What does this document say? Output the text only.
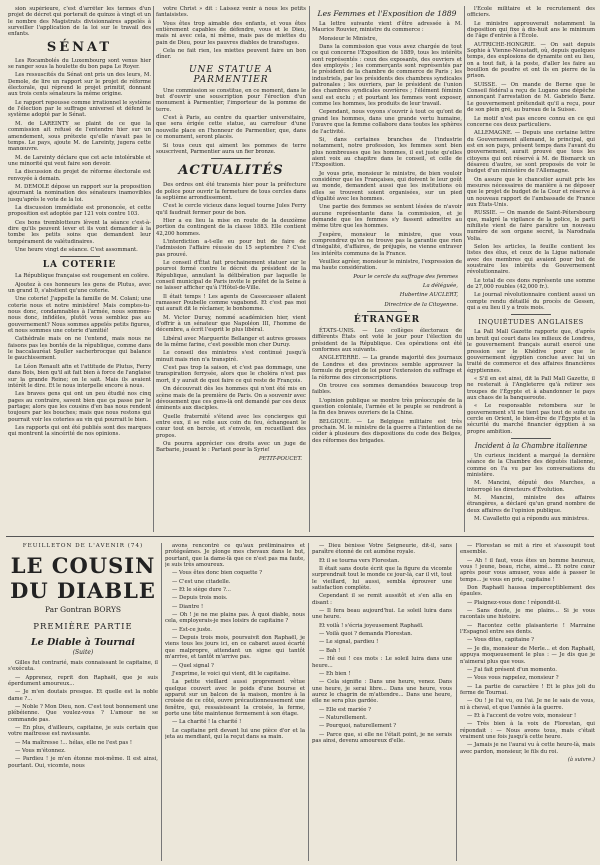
sion supérieure, c'est d'arrêter les termes d'un projet de décret qui porterait de quinze à vingt et un le nombre des Magistrats divisionnaires appelés à surveiller l'application de la loi sur le travail des enfants.

SÉNAT

Les Rocambolés du Luxembourg sont venus hier se ranger sous la houlette du bon papa Le Royer.

Les ressuscités du Sénat ont pris un des leurs, M. Demole, de lire un rapport sur le projet de réforme électorale, qui réprend le projet primitif, donnant aux trois cents sénateurs la même origine.

Le rapport repousse comme irrationnel le système de l'élection par le suffrage universel et défend le système adopté par le Sénat.

M. de LAREINTY se plaint de ce que la commission ait refusé de l'entendre hier sur un amendement, sous prétexte qu'elle n'avait pas le temps. Le pays, ajoute M. de Lareinty, jugera cette manœuvre.

M. de Lareinty déclare que cet acte intolérable et une minorité qui veut faire son devoir.

La discussion du projet de réforme électorale est renvoyée à demain.

M. DEMOLE dépose un rapport sur la proposition ajournant la nomination des sénateurs inamovibles jusqu'après le vote de la loi.

La discussion immédiate est prononcée, et cette proposition est adoptée par 121 voix contre 103.

Ces bons tremblotteurs lèvent la séance c'est-à-dire qu'ils peuvent lever et ils vont demander à la tombe les petits soins que demandent leur tempérament de valétudinaires.

Une heure vingt de séance. C'est assommant.

LA COTERIE

La République française est rougement en colère.

Ajoutez à ces honneurs les gens de Plutus, avec un grand D, s'abstient qu'une coterie.

Une coterie! J'appelle la famille de M. Colani; une coterie nous et notre ministère! Mais comptes-tu-nous donc, condamnables à l'armée, nous sommes-nous donc, infidèles, plutôt vous semblez pas au gouvernement? Nous sommes appelés petits figures, et nous sommes une coterie d'amitié!

Cathédrale mais on ne l'entend, mais nous ne faisons pas les bontés de la république, comme dans le baccalauréat Spuller sacherbrocque qui balance le gauchissement.

Le Léon Renault afin et l'attitude de Plutus, Ferry dans Bois, bien qu'il ait fait bien à force de l'anglaise sur la grande Reine; on le sait. Mais ils avaient intérêt le dire. Et le nous interpelle encore à nous.

Les braves gens qui ont un peu étudié nos cinq pages au contraire, savent bien que ça passe par le partage; alors que les cousins d'en bas nous rendent toujours par les bouches; mais que nous restons qui pourrait voir les coteries au vin qui pourrait le bien.

Les rapports qui ont été publiés sont des marques qui montrent la sincérité de nos opinions.

votre Christ » dit : Laissez venir à nous les petits fantaisistes.

Vous êtes trop aimable des enfants, et vous êtes entièrement capables de défendre, vous et le Dieu, mais ni avec cela, ni même, mais pas de miettes du pain de Dieu, pour les pauvres diables de transfuges.

Cela ne fait rien, les miettes peuvent faire un bon dîner.

UNE STATUE A PARMENTIER

Une commission se constitue, en ce moment, dans le but d'ouvrir une souscription pour l'érection d'un monument à Parmentier, l'importeur de la pomme de terre.

C'est à Paris, au centre du quartier universitaire, que sera érigée cette statue, au carrefour d'une nouvelle place en l'honneur de Parmentier, que, dans ce monument, seront placés.

Si tous ceux qui aiment les pommes de terre souscrivent, Parmentier aura un fier bronze.

ACTUALITÉS

Des ordres ont été transmis hier pour la préfecture de police pour ouvrir la fermeture de tous cercles dans la septième arrondissement.

C'est le cercle vicieux dans lequel tourne Jules Ferry qu'il faudrait fermer pour de bon.

Hier a eu lieu la mise en route de la deuxième portion du contingent de la classe 1883. Elle contient 42,200 hommes.

L'interdiction a-t-elle eu pour but de faire de l'admission l'affaire réussie du 15 septembre ? C'est pas prouvé.

Le conseil d'État fait prochainement statuer sur le pourvoi formé contre le décret du président de la République, annulant la délibération par laquelle le conseil municipal de Paris invite le préfet de la Seine à ne laisser afficher qu'à l'Hôtel-de-Ville.

Il était temps ! Les agents de Cassecasser allaient ramasser Poubelle comme vagabond. Et c'est pas moi qui aurait dit le réclamer, le bonhomme.

M. Victor Duruy, nommé académicien hier, vient d'offrir à un sénateur que Napoléon III, l'homme de décembre, a écrit l'esprit le plus libéral.

Libéral avec Marguerite Bellanger et autres grosses de la même farine, c'est possible mon cher Duruy.

Le conseil des ministres s'est continué jusqu'à minuit mais rien n'a transpiré.

C'est pas trop la saison, et c'est pas dommage, une transpiration ferrysée, alors que le choléra n'est pas mort, il y aurait de quoi faire ce qui reste de François.

On découvrait dès les hommes qui n'ont été mis en scène mais de la première de Paris. On a souvenir avec dévouement que ces gens-là ont demandé par ces deux éminents aux disciples.

Quelle fraternité s'étend avec les concierges qui entre eux, il se relie aux coin du feu, échangeant le cœur tout en bercée, et s'envole, en recueillant des propos.

Ou pourra apprécier ces droits avec un juge de Barbarie, jouant le : Partant pour la Syrie!

PETIT-POUCET.
Les Femmes et l'Exposition de 1889

La lettre suivante vient d'être adressée à M. Maurice Rouvier, ministre du commerce :

Monsieur le Ministre,

Dans la commission que vous avez chargée de tout ce qui concerne l'Exposition de 1889, tous les intérêts sont représentés : ceux des exposants, des ouvriers et des employés ; les commerçants sont représentés par le président de la chambre de commerce de Paris ; les industriels, par les présidents des chambres syndicales patronales ; les ouvriers, par le président de l'union des chambres syndicales ouvrières ; l'élément féminin seul est exclu ; et pourtant les femmes vont exposer, comme les hommes, les produits de leur travail.

Cependant, nous voyons s'ouvrir à tout ce qu'ont de grand les hommes, dans une grande vertu humaine, l'œuvre que la femme collabore dans toutes les sphères de l'activité.

Si, dans certaines branches de l'industrie notamment, notre profession, les femmes sont bien plus nombreuses que les hommes, il est juste qu'elles aient voix au chapitre dans le conseil, et celle de l'Exposition.

Je vous prie, monsieur le ministre, de bien vouloir considérer que les Françaises, qui doivent le leur goût au monde, demandent aussi que les institutions où elles se trouvent soient organisées, sur un pied d'égalité avec les hommes.

Une partie des femmes se sentent lésées de n'avoir aucune représentante dans la commission, et je demande que les femmes s'y fassent admettre au même titre que les hommes.

J'espère, monsieur le ministre, que vous comprendrez qu'on ne trouve pas la garantie que rien d'inégalité, d'affaires, de préjugés, ne vienne entraver les intérêts communs de la France.

Veuillez agréer, monsieur le ministre, l'expression de ma haute considération.

Pour le cercle du suffrage des femmes

La déléguée,

Hubertine AUCLERT,

Directrice de la Citoyenne.

ÉTRANGER

ÉTATS-UNIS. — Les collèges électoraux de différents États ont voté le jour pour l'élection du président de la République. Ces opérations ont été conformes aux suivants.

ANGLETERRE. — La grande majorité des journaux de Londres et des provinces semble approuver la formule du projet de loi pour l'extension du suffrage et la réforme des circonscriptions.

On trouve ces sommes demandées beaucoup trop faibles.

L'opinion publique se montre très préoccupée de la question coloniale, l'armée et le peuple se rendront à la fin des braves ouvriers de la Chine.

BELGIQUE. — Le Belgique militaire est très prochain. M. le ministre de la guerre a l'intention de ne céder à plusieurs des dispositions du code des Belges, des réformes des brigades.

l'École militaire et le recrutement des officiers.

Le ministre approuverait notamment la disposition qui fixe à dix-huit ans le minimum de l'âge d'entrée à l'École.

AUTRICHE-HONGRIE. — On sait depuis Sophie à Vienne-Neustadt, où, depuis quelques temps, des explosions de dynamite ont eu lieu, on a tout fait, à la poste, d'aller les faire au bouillon de poudre et ont ils en pierre de la prison.

SUISSE. — On mande de Berne que le Conseil fédéral a reçu de Lugano une dépêche annonçant l'arrestation de M. Gabrielo Banz. Le gouvernement prétendait qu'il a reçu, pour de son plein gré, au bureau de la Suisse.

Le motif n'est pas encore connu en ce qui concerne ces deux particuliers.

ALLEMAGNE. — Depuis une certaine lettre du Gouvernement allemand, le principal, qui est en son pays, présent temps dans l'avant du gouvernement, aurait prouvé que tous les citoyens qui ont réservé à M. de Bismarck un désaveu d'autre, se sont proposés de voir le budget d'un ministère de l'Allemagne.

On assure que le chancelier aurait pris les mesures nécessaires de manière à ne déposer que le projet de budget de la Cour et réserve à un nouveau rapport de l'ambassade de France aux États-Unis.

RUSSIE. — On mande de Saint-Pétersbourg que, malgré la vigilance de la police, le parti nihiliste vient de faire paraître un nouveau numéro de son organe secret, la Narodnaïa Volia.

Selon les articles, la feuille contient les listes des élus, et ceux de la Ligue nationale avec des membres qui avaient pour but de soustraire les intérêts du Gouvernement révolutionnaire.

Le total de ces dons représente une somme de 27,000 roubles (42,000 fr.).

Le journal révolutionnaire contient aussi un compte rendu détaillé du procès de Gessen, qui a eu lieu il y a trois mois.

INQUIÉTUDES ANGLAISES

La Pall Mall Gazette rapporte que, d'après un bruit qui court dans les milieux de Londres, le gouvernement français aurait exercé une pression sur le Khédive pour que le gouvernement égyptien conclue avec lui un traité de commerce et des affaires financières égyptiennes.

« S'il en est ainsi, dit la Pall Mall Gazette, il ne resterait à l'Angleterre qu'à retirer ses troupes de l'Égypte et à abandonner le pays aux chaos de la banqueroute.

« Le responsable retombera sur le gouvernement s'il ne tient pas tout de suite un cercle en Orient, le bien-être de l'Égypte et la sécurité du marché financier égyptien à sa propre ambition.

Incident à la Chambre italienne

Un curieux incident a marqué la dernière séance de la Chambre des députés italienne, comme on l'a vu par les conversations du ministère.

M. Mancini, député des Marches, a interrogé les directeurs d'Évolution.

M. Mancini, ministre des affaires étrangères, a déclaré qu'un grand nombre de deux affaires de l'opinion publique.

M. Cavalletto qui a répondu aux ministres.

FEUILLETON DE L'AVENIR (74)
LE COUSIN DU DIABLE
Par Gontran BORYS
PREMIÈRE PARTIE
Le Diable à Tournai
(Suite)

Gilles fut contrarié, mais connaissant le capitaine, il s'exécuta.

— Apprenez, reprit don Raphaël, que je suis éperdument amoureux...

— Je m'en doutais presque. Et quelle est la noble dame ?...

— Noble ? Mon Dieu, non. C'est tout bonnement une plébéienne. Que voulez-vous ? L'amour ne se commande pas.

— En plus, d'ailleurs, capitaine, je suis certain que votre maîtresse est ravissante.

— Ma maîtresse !... hélas, elle ne l'est pas !

— Vous m'étonnez.

— Pardieu ! je m'en étonne moi-même. Il est ainsi, pourtant. Oui, vicomte, nous

avons rencontré ce qu'aux préliminaires et protégeâmes. Je plonge mes chevaux dans le but, pourtant, que la dame-là que ce n'est pas ma faute, je suis très amoureux.

— Vous êtes donc bien coquette ?

— C'est une citadelle.

— Et le siège dure ?...

— Depuis trois mois.

— Diantre !

— Oh ! je ne me plains pas. À quoi diable, nous cela, employerais-je mes loisirs de capitaine ?

— Est-ce juste.

— Depuis trois mois, poursuivit don Raphaël, je viens tous les jours ici, en ce cabaret aussi écarté que malpropre, attendant un signe qui tantôt m'arrive, et tantôt m'arrive pas.

— Quel signal ?

J'exprime, le voici qui vient, dit le capitaine.

La petite vieillard aussi proprement vêtue quelque couvert avec le poids d'une bourse et apparut sur un balcon de la maison, montre à la croisée de ce côté, ouvre précautionneusement une fenêtre, qui, ressaisissant la croisée, la ferme, porte une tête maintenue fermement à son étage.

— La charité ! la charité !

Le capitaine prit devant lui une pièce d'or et la jeta au mendiant, qui la reçut dans sa main.

— Dieu bénisse Votre Seigneurie, dit-il, sans paraître étonné de cet aumône royale.

Et il se tourna vers Florestan.

Il était sans doute écrit que la figure du vicomte surprendrait tout le monde ce jour-là, car il vit, tout le vieillard, lui aussi, sembla éprouver une satisfaction complète.

Cependant il se remit aussitôt et s'en alla en disant :

— Il fera beau aujourd'hui. Le soleil luira dans une heure.

Et voilà ! s'écria joyeusement Raphaël.

— Voilà quoi ? demanda Florestan.

— Le signal, pardieu !

— Bah !

— Hé oui ! ces mots : Le soleil luira dans une heure...

— Eh bien !

— Cela signifie : Dans une heure, venez. Dans une heure, je serai libre... Dans une heure, vous aurez le chagrin de m'attendre... Dans une heure, elle ne sera plus gardée.

— Elle est mariée ?

— Naturellement.

— Pourquoi, naturellement ?

— Parce que, si elle ne l'était point, je ne serais pas ainsi, devenu amoureux d'elle.

— Florestan se mit à rire et s'assoupit tout ensemble.

— Ah ! il faut, vous êtes un homme heureux, vous ! jeune, beau, riche, aimé... Et notre cœur après pour vous amuser, vous aide à passer le temps... je vous en prie, capitaine !

Don Raphaël haussa imperceptiblement des épaules.

— Plaignez-vous donc ! répondit-il.

— Sans doute, je me plains... Si je vous racontais une histoire.

— Racontez cette plaisanterie ! Marraine l'Espagnol entre ses dents.

— Vous dites, capitaine ?

— Je dis, monsieur de Merle... et don Raphaël, appuya moqueusement le plus : — Je dis que je n'aimerai plus que vous.

— J'ai fait présent d'un momento.

— Vous vous rappelez, monsieur ?

— La partie de caractère ! Et le plus joli du ferme de Tournai.

— Ou ! je l'ai vu, ou l'ai. Je ne le sais de vous, ni à cheval, et que l'année à la guerre.

— Et à l'accent de votre voix, monsieur !

— Très bien à la voix de Florestan, qui répondait : — Nous avons tous, mais c'était vraiment une fois jusqu'à cette heure.

— Jamais je ne l'aurai vu à cette heure-là, mais avec pardon, monsieur, le fils du roi.

(à suivre.)
